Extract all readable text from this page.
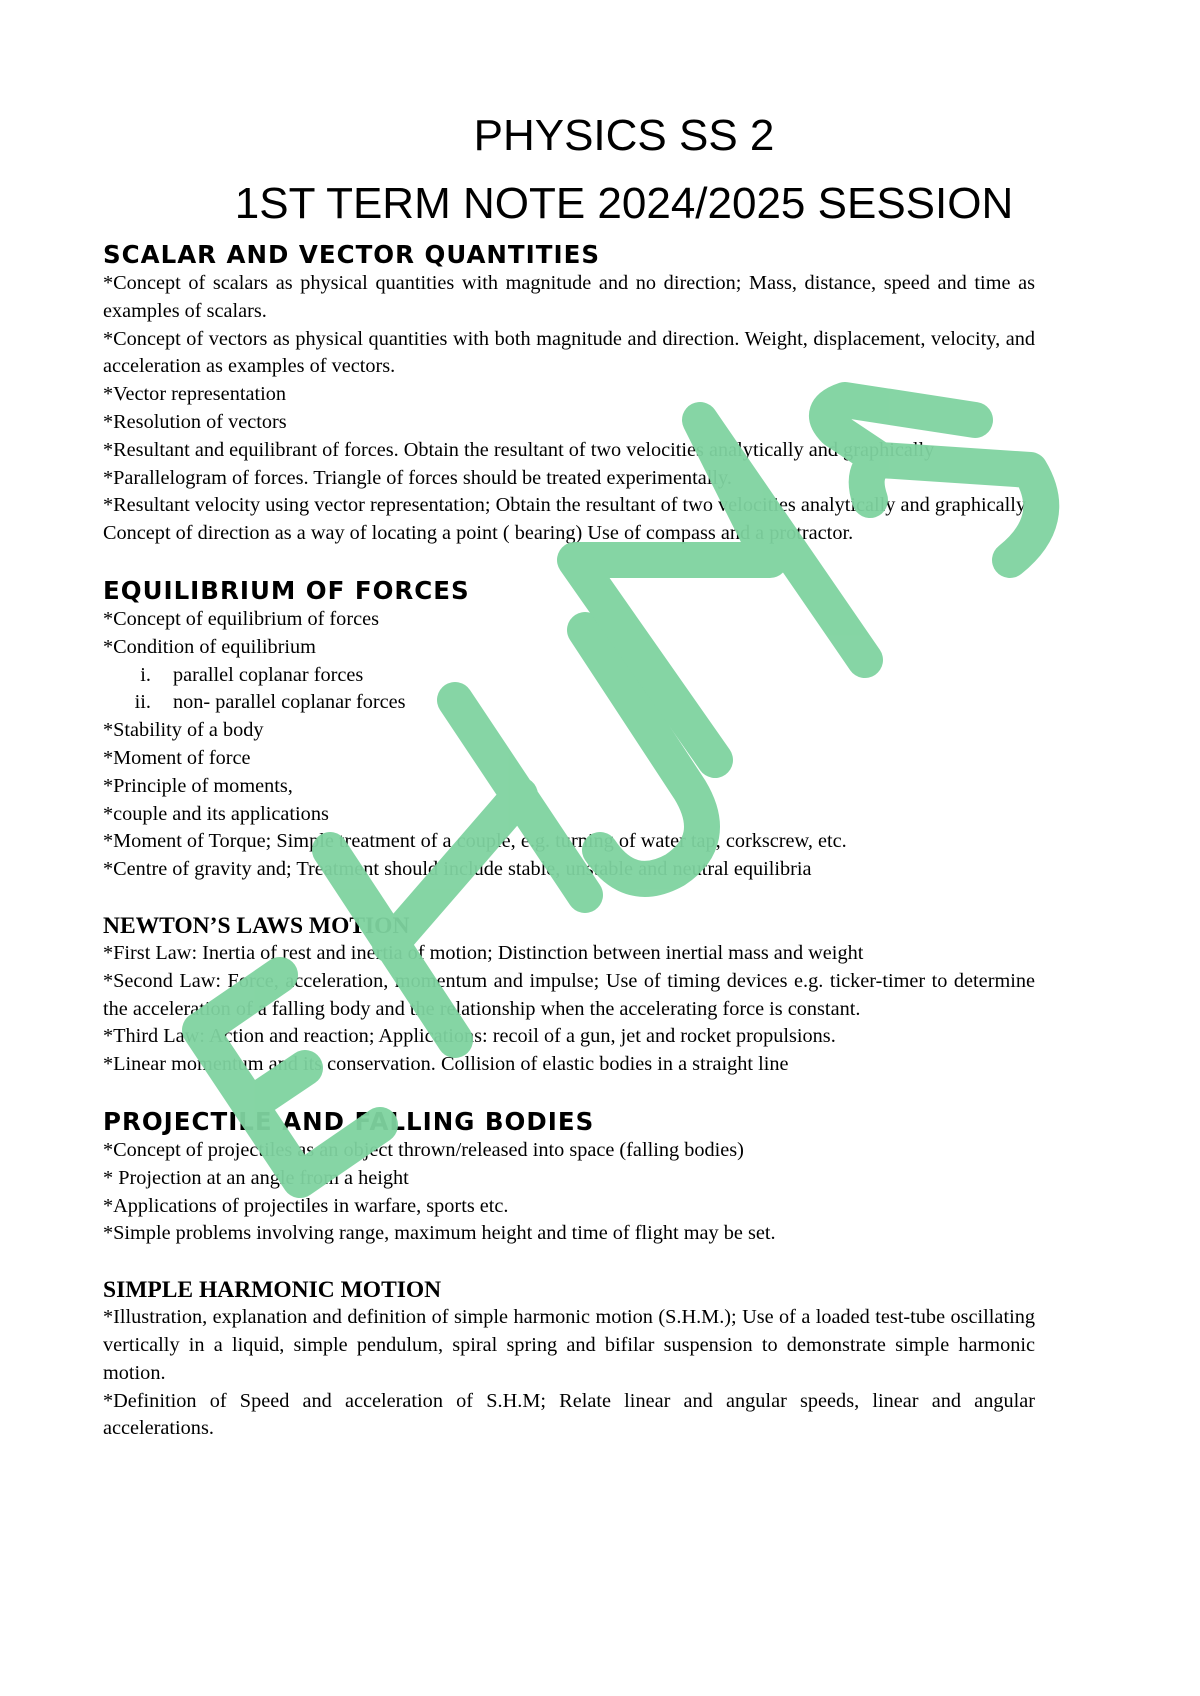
PHYSICS SS 2
1ST TERM NOTE 2024/2025 SESSION
SCALAR AND VECTOR QUANTITIES

*Concept of scalars as physical quantities with magnitude and no direction; Mass, distance, speed and time as examples of scalars.

*Concept of vectors as physical quantities with both magnitude and direction. Weight, displacement, velocity, and acceleration as examples of vectors.

*Vector representation

*Resolution of vectors

*Resultant and equilibrant of forces. Obtain the resultant of two velocities analytically and graphically

*Parallelogram of forces. Triangle of forces should be treated experimentally.

*Resultant velocity using vector representation; Obtain the resultant of two velocities analytically and graphically

Concept of direction as a way of locating a point ( bearing) Use of compass and a protractor.

EQUILIBRIUM OF FORCES

*Concept of equilibrium of forces

*Condition of equilibrium

i.	parallel coplanar forces
ii.	non- parallel coplanar forces

*Stability of a body

*Moment of force

*Principle of moments,

*couple and its applications

*Moment of Torque; Simple treatment of a couple, e.g. turning of water tap, corkscrew, etc.

*Centre of gravity and; Treatment should include stable, unstable and neutral equilibria

NEWTON’S LAWS MOTION

*First Law: Inertia of rest and inertia of motion; Distinction between inertial mass and weight

*Second Law: Force, acceleration, momentum and impulse; Use of timing devices e.g. ticker-timer to determine the acceleration of a falling body and the relationship when the accelerating force is constant.

*Third Law: Action and reaction; Applications: recoil of a gun, jet and rocket propulsions.

*Linear momentum and its conservation. Collision of elastic bodies in a straight line

PROJECTILE AND FALLING BODIES

*Concept of projectiles as an object thrown/released into space (falling bodies)

* Projection at an angle from a height

*Applications of projectiles in warfare, sports etc.

*Simple problems involving range, maximum height and time of flight may be set.

SIMPLE HARMONIC MOTION

*Illustration, explanation and definition of simple harmonic motion (S.H.M.); Use of a loaded test-tube oscillating vertically in a liquid, simple pendulum, spiral spring and bifilar suspension to demonstrate simple harmonic motion.

*Definition of Speed and acceleration of S.H.M; Relate linear and angular speeds, linear and angular accelerations.
